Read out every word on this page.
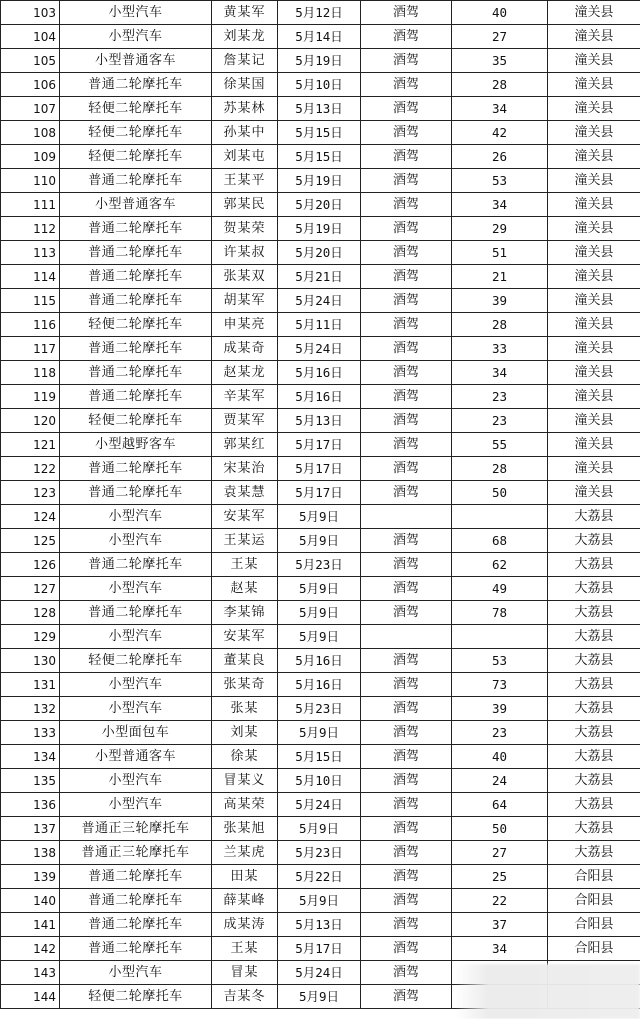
103	小型汽车	黄某军	5月12日	酒驾	40	潼关县
104	小型汽车	刘某龙	5月14日	酒驾	27	潼关县
105	小型普通客车	詹某记	5月19日	酒驾	35	潼关县
106	普通二轮摩托车	徐某国	5月10日	酒驾	28	潼关县
107	轻便二轮摩托车	苏某林	5月13日	酒驾	34	潼关县
108	轻便二轮摩托车	孙某中	5月15日	酒驾	42	潼关县
109	轻便二轮摩托车	刘某屯	5月15日	酒驾	26	潼关县
110	普通二轮摩托车	王某平	5月19日	酒驾	53	潼关县
111	小型普通客车	郭某民	5月20日	酒驾	34	潼关县
112	普通二轮摩托车	贺某荣	5月19日	酒驾	29	潼关县
113	普通二轮摩托车	许某叔	5月20日	酒驾	51	潼关县
114	普通二轮摩托车	张某双	5月21日	酒驾	21	潼关县
115	普通二轮摩托车	胡某军	5月24日	酒驾	39	潼关县
116	轻便二轮摩托车	申某亮	5月11日	酒驾	28	潼关县
117	普通二轮摩托车	成某奇	5月24日	酒驾	33	潼关县
118	普通二轮摩托车	赵某龙	5月16日	酒驾	34	潼关县
119	普通二轮摩托车	辛某军	5月16日	酒驾	23	潼关县
120	轻便二轮摩托车	贾某军	5月13日	酒驾	23	潼关县
121	小型越野客车	郭某红	5月17日	酒驾	55	潼关县
122	普通二轮摩托车	宋某治	5月17日	酒驾	28	潼关县
123	普通二轮摩托车	袁某慧	5月17日	酒驾	50	潼关县
124	小型汽车	安某军	5月9日			大荔县
125	小型汽车	王某运	5月9日	酒驾	68	大荔县
126	普通二轮摩托车	王某	5月23日	酒驾	62	大荔县
127	小型汽车	赵某	5月9日	酒驾	49	大荔县
128	普通二轮摩托车	李某锦	5月9日	酒驾	78	大荔县
129	小型汽车	安某军	5月9日			大荔县
130	轻便二轮摩托车	董某良	5月16日	酒驾	53	大荔县
131	小型汽车	张某奇	5月16日	酒驾	73	大荔县
132	小型汽车	张某	5月23日	酒驾	39	大荔县
133	小型面包车	刘某	5月9日	酒驾	23	大荔县
134	小型普通客车	徐某	5月15日	酒驾	40	大荔县
135	小型汽车	冒某义	5月10日	酒驾	24	大荔县
136	小型汽车	高某荣	5月24日	酒驾	64	大荔县
137	普通正三轮摩托车	张某旭	5月9日	酒驾	50	大荔县
138	普通正三轮摩托车	兰某虎	5月23日	酒驾	27	大荔县
139	普通二轮摩托车	田某	5月22日	酒驾	25	合阳县
140	普通二轮摩托车	薛某峰	5月9日	酒驾	22	合阳县
141	普通二轮摩托车	成某涛	5月13日	酒驾	37	合阳县
142	普通二轮摩托车	王某	5月17日	酒驾	34	合阳县
143	小型汽车	冒某	5月24日	酒驾		
144	轻便二轮摩托车	吉某冬	5月9日	酒驾		
